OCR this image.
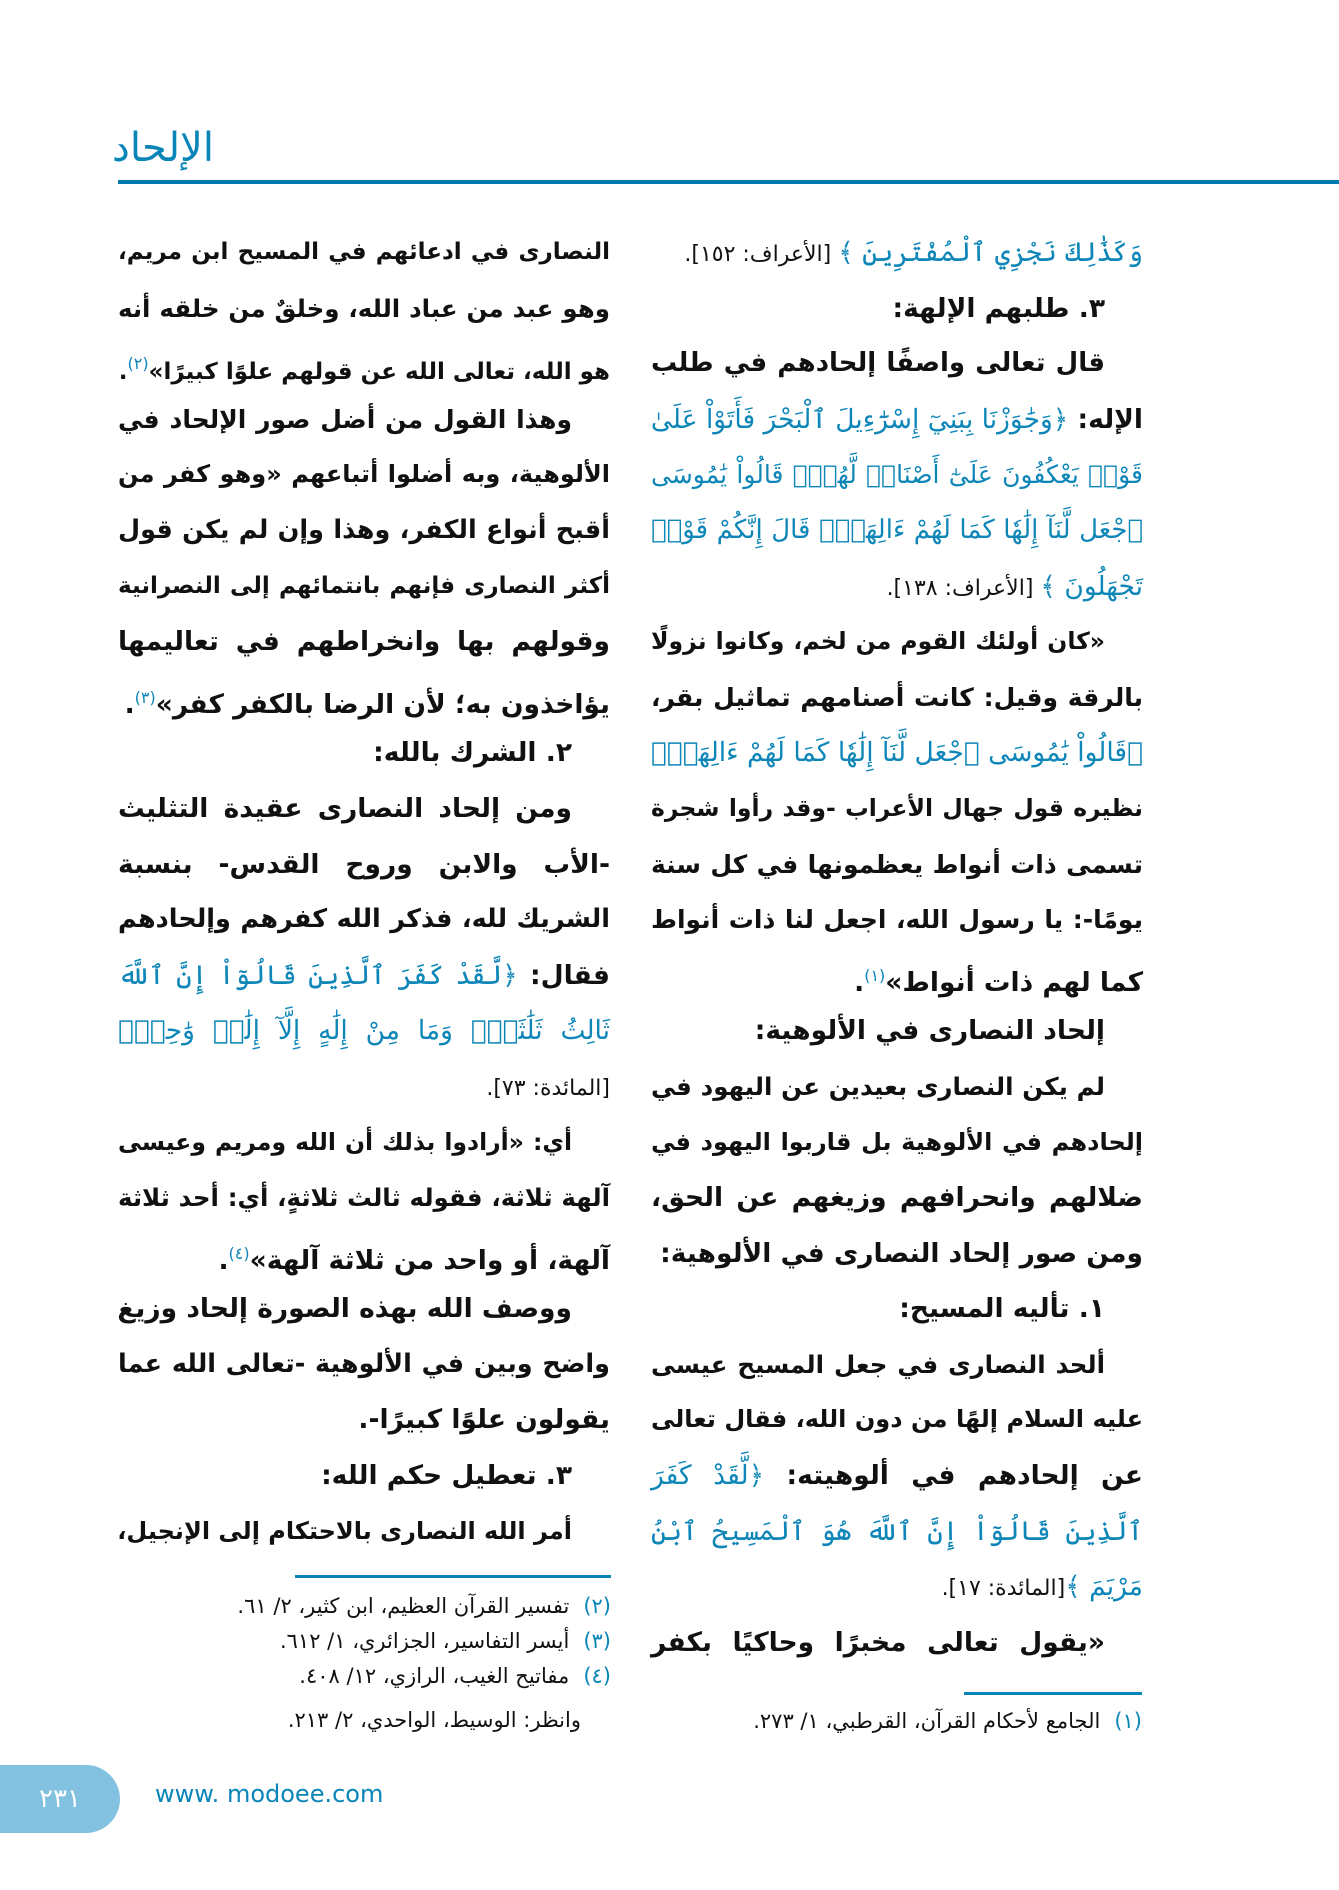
الإلحاد
وَكَذَٰلِكَ نَجْزِي ٱلْمُفْتَرِينَ ﴾ [الأعراف: ١٥٢].
٣. طلبهم الإلهة:
قال تعالى واصفًا إلحادهم في طلب
الإله: ﴿وَجَٰوَزْنَا بِبَنِيٓ إِسْرَٰٓءِيلَ ٱلْبَحْرَ فَأَتَوْاْ عَلَىٰ
قَوْمٖ يَعْكُفُونَ عَلَىٰٓ أَصْنَامٖ لَّهُمْۚ قَالُواْ يَٰمُوسَى
ٱجْعَل لَّنَآ إِلَٰهٗا كَمَا لَهُمْ ءَالِهَةٞۚ قَالَ إِنَّكُمْ قَوْمٞ
تَجْهَلُونَ ﴾ [الأعراف: ١٣٨].
«كان أولئك القوم من لخم، وكانوا نزولًا
بالرقة وقيل: كانت أصنامهم تماثيل بقر،
﴿قَالُواْ يَٰمُوسَى ٱجْعَل لَّنَآ إِلَٰهٗا كَمَا لَهُمْ ءَالِهَةٞ﴾
نظيره قول جهال الأعراب -وقد رأوا شجرة
تسمى ذات أنواط يعظمونها في كل سنة
يومًا-: يا رسول الله، اجعل لنا ذات أنواط
كما لهم ذات أنواط»$^{(١)}$.
إلحاد النصارى في الألوهية:
لم يكن النصارى بعيدين عن اليهود في
إلحادهم في الألوهية بل قاربوا اليهود في
ضلالهم وانحرافهم وزيغهم عن الحق،
ومن صور إلحاد النصارى في الألوهية:
١. تأليه المسيح:
ألحد النصارى في جعل المسيح عيسى
عليه السلام إلهًا من دون الله، فقال تعالى
عن إلحادهم في ألوهيته: ﴿لَّقَدْ كَفَرَ
ٱلَّذِينَ قَالُوٓاْ إِنَّ ٱللَّهَ هُوَ ٱلْمَسِيحُ ٱبْنُ
مَرْيَمَ ﴾[المائدة: ١٧].
«يقول تعالى مخبرًا وحاكيًا بكفر
النصارى في ادعائهم في المسيح ابن مريم،
وهو عبد من عباد الله، وخلقٌ من خلقه أنه
هو الله، تعالى الله عن قولهم علوًا كبيرًا»$^{(٢)}$.
وهذا القول من أضل صور الإلحاد في
الألوهية، وبه أضلوا أتباعهم «وهو كفر من
أقبح أنواع الكفر، وهذا وإن لم يكن قول
أكثر النصارى فإنهم بانتمائهم إلى النصرانية
وقولهم بها وانخراطهم في تعاليمها
يؤاخذون به؛ لأن الرضا بالكفر كفر»$^{(٣)}$.
٢. الشرك بالله:
ومن إلحاد النصارى عقيدة التثليث
-الأب والابن وروح القدس- بنسبة
الشريك لله، فذكر الله كفرهم وإلحادهم
فقال: ﴿لَّقَدْ كَفَرَ ٱلَّذِينَ قَالُوٓاْ إِنَّ ٱللَّهَ
ثَالِثُ ثَلَٰثَةٖۘ وَمَا مِنْ إِلَٰهٍ إِلَّآ إِلَٰهٞ وَٰحِدٞ﴾
[المائدة: ٧٣].
أي: «أرادوا بذلك أن الله ومريم وعيسى
آلهة ثلاثة، فقوله ثالث ثلاثةٍ، أي: أحد ثلاثة
آلهة، أو واحد من ثلاثة آلهة»$^{(٤)}$.
ووصف الله بهذه الصورة إلحاد وزيغ
واضح وبين في الألوهية -تعالى الله عما
يقولون علوًا كبيرًا-.
٣. تعطيل حكم الله:
أمر الله النصارى بالاحتكام إلى الإنجيل،
(١)الجامع لأحكام القرآن، القرطبي، ١/ ٢٧٣.
(٢)تفسير القرآن العظيم، ابن كثير، ٢/ ٦١.
(٣)أيسر التفاسير، الجزائري، ١/ ٦١٢.
(٤)مفاتيح الغيب، الرازي، ١٢/ ٤٠٨.
وانظر: الوسيط، الواحدي، ٢/ ٢١٣.
٢٣١	www. modoee.com
